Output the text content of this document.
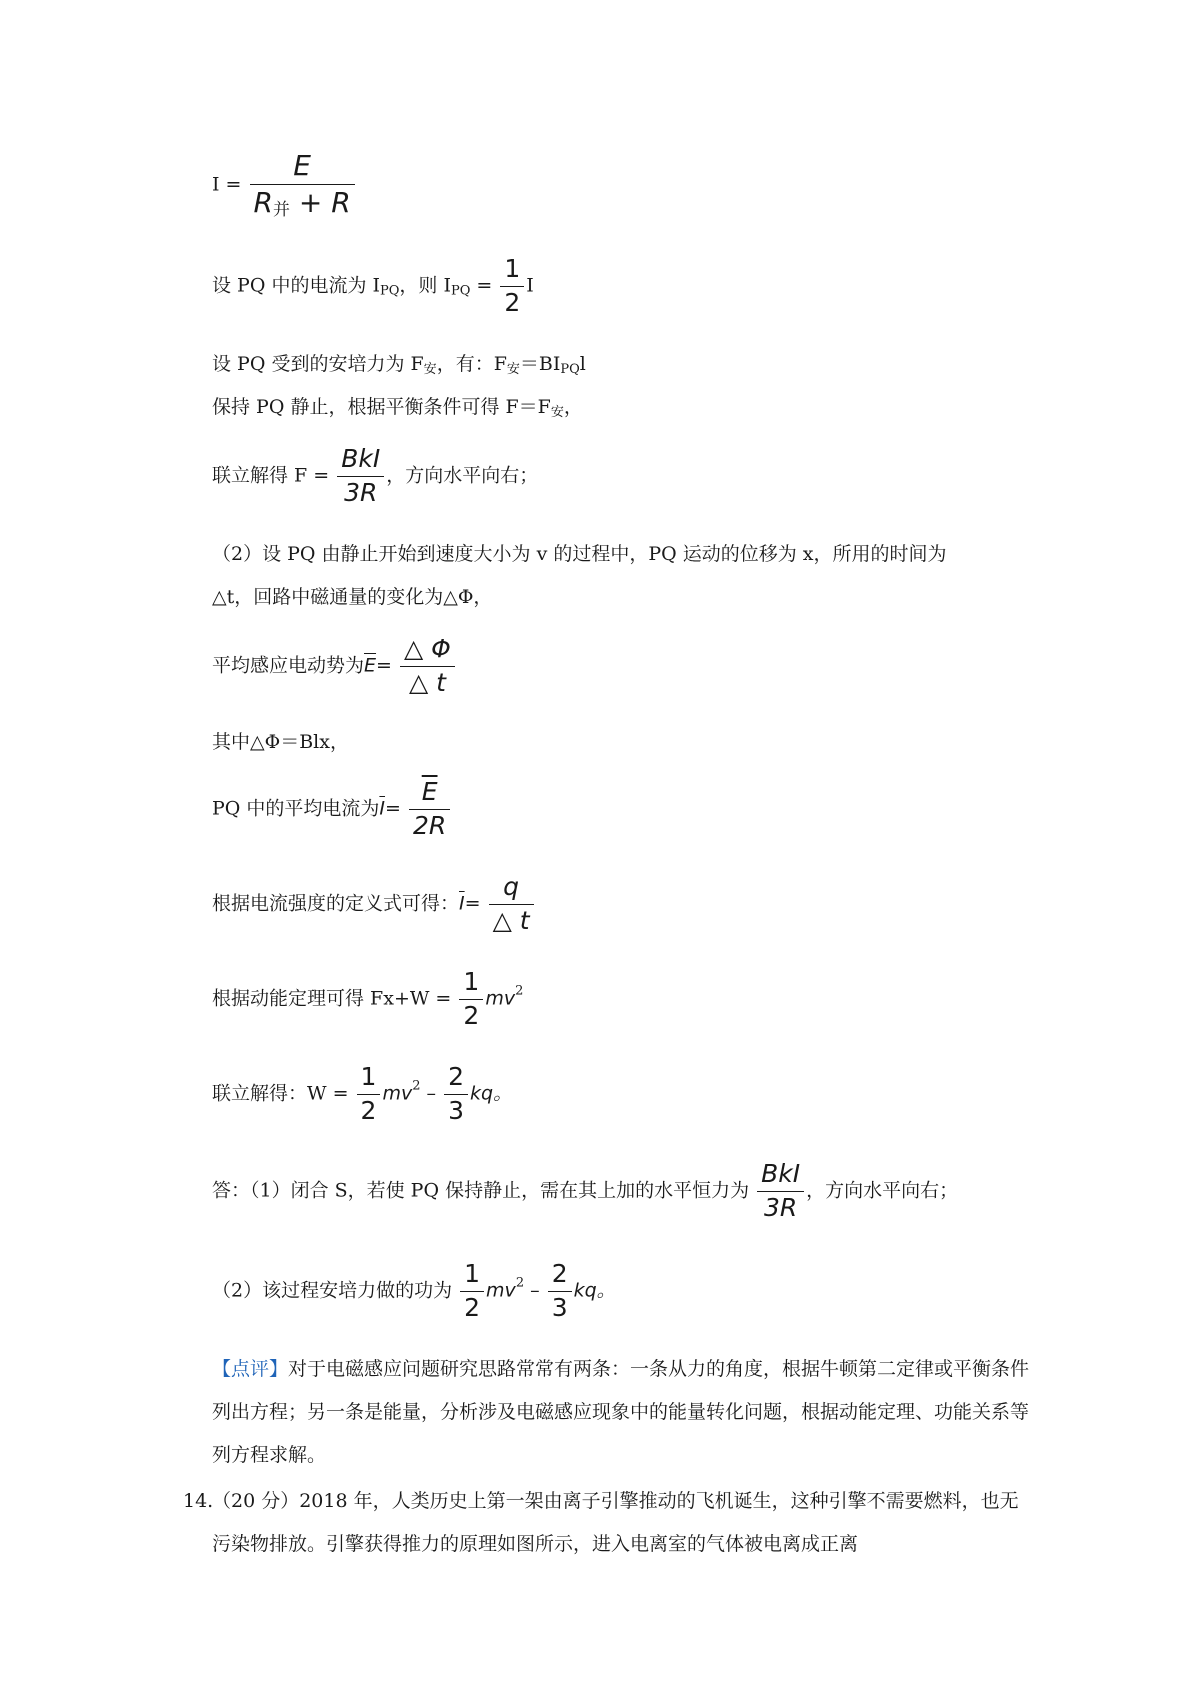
$I = \frac{E}{\text{R并 + R}}$
设 PQ 中的电流为 IPQ，则 IPQ = $\frac{1}{2}$ I
设 PQ 受到的安培力为 F安，有：F安＝BIPQl
保持 PQ 静止，根据平衡条件可得 F＝F安，
联立解得 $F = \frac{\text{BkI}}{3R}$ ，方向水平向右；
（2）设 PQ 由静止开始到速度大小为 v 的过程中，PQ 运动的位移为 x，所用的时间为
△t，回路中磁通量的变化为△Φ，
平均感应电动势为$\overline{E}= \frac{\triangle \Phi}{\triangle t}$
其中△Φ＝Blx，
PQ 中的平均电流为$\overline{I}= \frac{\overline{E}}{2R}$
根据电流强度的定义式可得：$\overline{I}= \frac{q}{\triangle t}$
根据动能定理可得 $Fx+W = \frac{1}{2} mv^2$
联立解得：$W = \frac{1}{2} mv^2 - \frac{2}{3}$ kq。
答：（1）闭合 S，若使 PQ 保持静止，需在其上加的水平恒力为 $\frac{\text{BkI}}{3R}$ ，方向水平向右；
（2）该过程安培力做的功为 $\frac{1}{2} mv^2 - \frac{2}{3}$ kq。
【点评】对于电磁感应问题研究思路常常有两条：一条从力的角度，根据牛顿第二定律或平衡条件列出方程；另一条是能量，分析涉及电磁感应现象中的能量转化问题，根据动能定理、功能关系等列方程求解。
14.
（20 分）2018 年，人类历史上第一架由离子引擎推动的飞机诞生，这种引擎不需要燃料，也无污染物排放。引擎获得推力的原理如图所示，进入电离室的气体被电离成正离
